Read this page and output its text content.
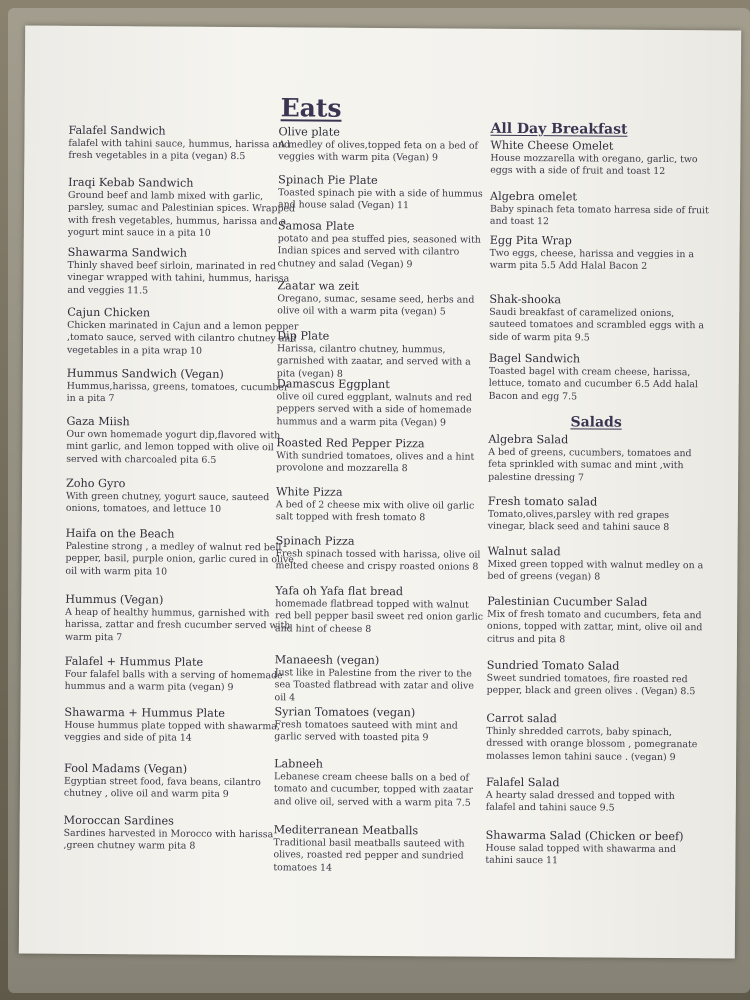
Eats
Falafel Sandwich
falafel with tahini sauce, hummus, harissa and fresh vegetables in a pita (vegan) 8.5
Iraqi Kebab Sandwich
Ground beef and lamb mixed with garlic, parsley, sumac and Palestinian spices. Wrapped with fresh vegetables, hummus, harissa and a yogurt mint sauce in a pita 10
Shawarma Sandwich
Thinly shaved beef sirloin, marinated in red vinegar wrapped with tahini, hummus, harissa and veggies 11.5
Cajun Chicken
Chicken marinated in Cajun and a lemon pepper ,tomato sauce, served with cilantro chutney and vegetables in a pita wrap 10
Hummus Sandwich (Vegan)
Hummus,harissa, greens, tomatoes, cucumber in a pita 7
Gaza Miish
Our own homemade yogurt dip,flavored with mint garlic, and lemon topped with olive oil served with charcoaled pita 6.5
Zoho Gyro
With green chutney, yogurt sauce, sauteed onions, tomatoes, and lettuce 10
Haifa on the Beach
Palestine strong , a medley of walnut red bell pepper, basil, purple onion, garlic cured in olive oil with warm pita 10
Hummus (Vegan)
A heap of healthy hummus, garnished with harissa, zattar and fresh cucumber served with warm pita 7
Falafel + Hummus Plate
Four falafel balls with a serving of homemade hummus and a warm pita (vegan) 9
Shawarma + Hummus Plate
House hummus plate topped with shawarma, veggies and side of pita 14
Fool Madams (Vegan)
Egyptian street food, fava beans, cilantro chutney , olive oil and warm pita 9
Moroccan Sardines
Sardines harvested in Morocco with harissa ,green chutney warm pita 8
Olive plate
A medley of olives,topped feta on a bed of veggies with warm pita (Vegan) 9
Spinach Pie Plate
Toasted spinach pie with a side of hummus and house salad (Vegan) 11
Samosa Plate
potato and pea stuffed pies, seasoned with Indian spices and served with cilantro chutney and salad (Vegan) 9
Zaatar wa zeit
Oregano, sumac, sesame seed, herbs and olive oil with a warm pita (vegan) 5
Dip Plate
Harissa, cilantro chutney, hummus, garnished with zaatar, and served with a pita (vegan) 8
Damascus Eggplant
olive oil cured eggplant, walnuts and red peppers served with a side of homemade hummus and a warm pita (Vegan) 9
Roasted Red Pepper Pizza
With sundried tomatoes, olives and a hint provolone and mozzarella 8
White Pizza
A bed of 2 cheese mix with olive oil garlic salt topped with fresh tomato 8
Spinach Pizza
Fresh spinach tossed with harissa, olive oil melted cheese and crispy roasted onions 8
Yafa oh Yafa flat bread
homemade flatbread topped with walnut red bell pepper basil sweet red onion garlic and hint of cheese 8
Manaeesh (vegan)
Just like in Palestine from the river to the sea Toasted flatbread with zatar and olive oil 4
Syrian Tomatoes (vegan)
Fresh tomatoes sauteed with mint and garlic served with toasted pita 9
Labneeh
Lebanese cream cheese balls on a bed of tomato and cucumber, topped with zaatar and olive oil, served with a warm pita 7.5
Mediterranean Meatballs
Traditional basil meatballs sauteed with olives, roasted red pepper and sundried tomatoes 14
All Day Breakfast
White Cheese Omelet
House mozzarella with oregano, garlic, two eggs with a side of fruit and toast 12
Algebra omelet
Baby spinach feta tomato harresa side of fruit and toast 12
Egg Pita Wrap
Two eggs, cheese, harissa and veggies in a warm pita 5.5 Add Halal Bacon 2
Shak-shooka
Saudi breakfast of caramelized onions, sauteed tomatoes and scrambled eggs with a side of warm pita 9.5
Bagel Sandwich
Toasted bagel with cream cheese, harissa, lettuce, tomato and cucumber 6.5 Add halal Bacon and egg 7.5
Salads
Algebra Salad
A bed of greens, cucumbers, tomatoes and feta sprinkled with sumac and mint ,with palestine dressing 7
Fresh tomato salad
Tomato,olives,parsley with red grapes vinegar, black seed and tahini sauce 8
Walnut salad
Mixed green topped with walnut medley on a bed of greens (vegan) 8
Palestinian Cucumber Salad
Mix of fresh tomato and cucumbers, feta and onions, topped with zattar, mint, olive oil and citrus and pita 8
Sundried Tomato Salad
Sweet sundried tomatoes, fire roasted red pepper, black and green olives . (Vegan) 8.5
Carrot salad
Thinly shredded carrots, baby spinach, dressed with orange blossom , pomegranate molasses lemon tahini sauce . (vegan) 9
Falafel Salad
A hearty salad dressed and topped with falafel and tahini sauce 9.5
Shawarma Salad (Chicken or beef)
House salad topped with shawarma and tahini sauce 11
